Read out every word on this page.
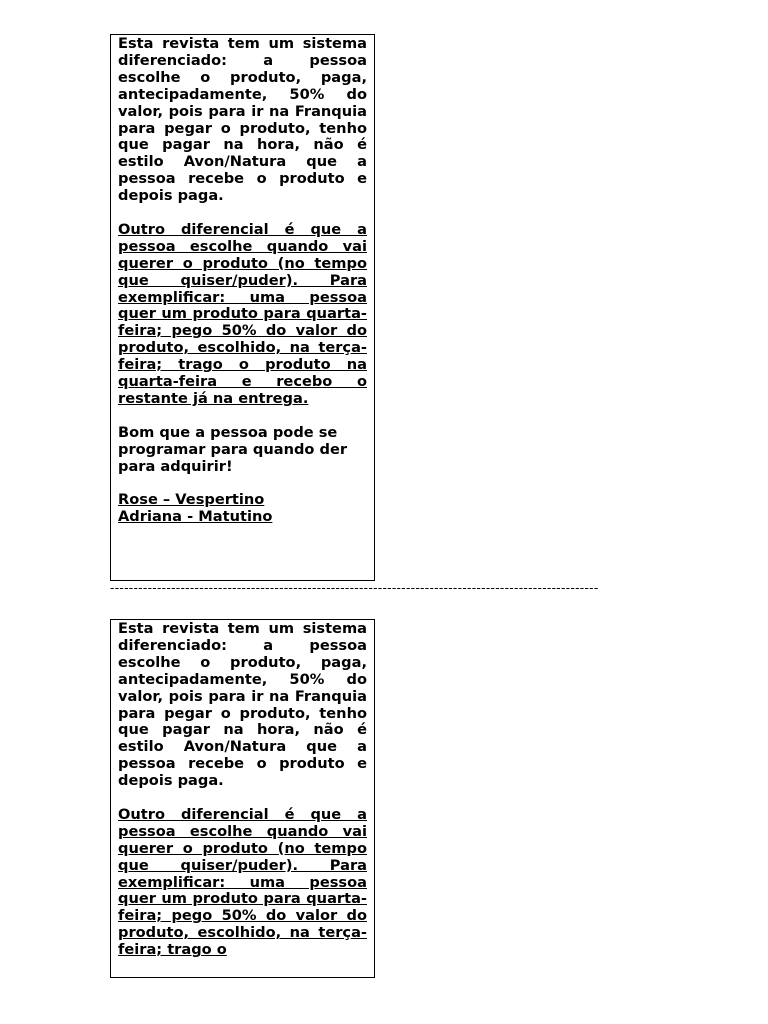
Esta revista tem um sistema diferenciado: a pessoa escolhe o produto, paga, antecipadamente, 50% do valor, pois para ir na Franquia para pegar o produto, tenho que pagar na hora, não é estilo Avon/Natura que a pessoa recebe o produto e depois paga.

Outro diferencial é que a pessoa escolhe quando vai querer o produto (no tempo que quiser/puder). Para exemplificar: uma pessoa quer um produto para quarta-feira; pego 50% do valor do produto, escolhido, na terça-feira; trago o produto na quarta-feira e recebo o restante já na entrega.

Bom que a pessoa pode se programar para quando der para adquirir!

Rose – Vespertino
Adriana - Matutino

--------------------------------------------------------------------------------------------------------

Esta revista tem um sistema diferenciado: a pessoa escolhe o produto, paga, antecipadamente, 50% do valor, pois para ir na Franquia para pegar o produto, tenho que pagar na hora, não é estilo Avon/Natura que a pessoa recebe o produto e depois paga.

Outro diferencial é que a pessoa escolhe quando vai querer o produto (no tempo que quiser/puder). Para exemplificar: uma pessoa quer um produto para quarta-feira; pego 50% do valor do produto, escolhido, na terça-feira; trago o
